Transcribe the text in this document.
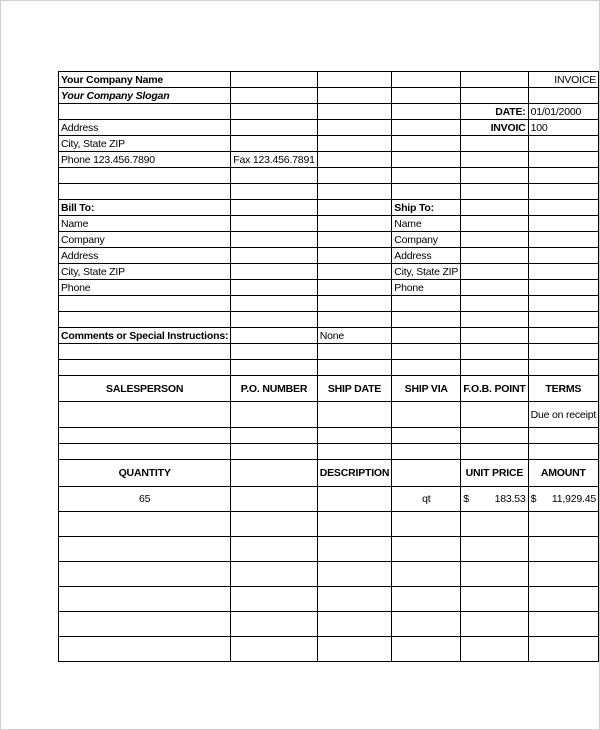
Your Company Name					INVOICE
Your Company Slogan					
				DATE:	01/01/2000
Address				INVOIC	100
City, State ZIP					
Phone 123.456.7890	Fax 123.456.7891				

Bill To:			Ship To:		
Name			Name		
Company			Company		
Address			Address		
City, State ZIP			City, State ZIP		
Phone			Phone		

Comments or Special Instructions:		None			

SALESPERSON	P.O. NUMBER	SHIP DATE	SHIP VIA	F.O.B. POINT	TERMS
					Due on receipt

QUANTITY		DESCRIPTION		UNIT PRICE	AMOUNT
65			qt	$ 183.53	$ 11,929.45
